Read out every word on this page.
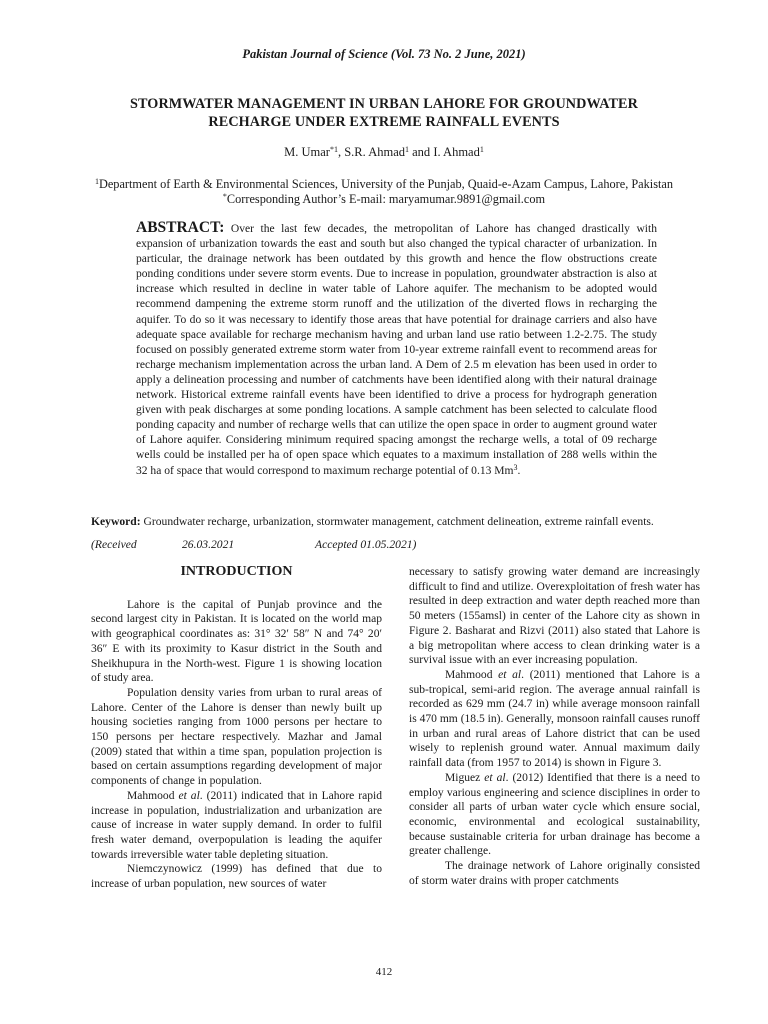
Pakistan Journal of Science (Vol. 73 No. 2 June, 2021)
STORMWATER MANAGEMENT IN URBAN LAHORE FOR GROUNDWATER RECHARGE UNDER EXTREME RAINFALL EVENTS
M. Umar$^{*1}$, S.R. Ahmad$^1$ and I. Ahmad$^1$
$^1$Department of Earth & Environmental Sciences, University of the Punjab, Quaid-e-Azam Campus, Lahore, Pakistan
*Corresponding Author’s E-mail: maryamumar.9891@gmail.com
ABSTRACT: Over the last few decades, the metropolitan of Lahore has changed drastically with expansion of urbanization towards the east and south but also changed the typical character of urbanization. In particular, the drainage network has been outdated by this growth and hence the flow obstructions create ponding conditions under severe storm events. Due to increase in population, groundwater abstraction is also at increase which resulted in decline in water table of Lahore aquifer. The mechanism to be adopted would recommend dampening the extreme storm runoff and the utilization of the diverted flows in recharging the aquifer. To do so it was necessary to identify those areas that have potential for drainage carriers and also have adequate space available for recharge mechanism having and urban land use ratio between 1.2-2.75. The study focused on possibly generated extreme storm water from 10-year extreme rainfall event to recommend areas for recharge mechanism implementation across the urban land. A Dem of 2.5 m elevation has been used in order to apply a delineation processing and number of catchments have been identified along with their natural drainage network. Historical extreme rainfall events have been identified to drive a process for hydrograph generation given with peak discharges at some ponding locations. A sample catchment has been selected to calculate flood ponding capacity and number of recharge wells that can utilize the open space in order to augment ground water of Lahore aquifer. Considering minimum required spacing amongst the recharge wells, a total of 09 recharge wells could be installed per ha of open space which equates to a maximum installation of 288 wells within the 32 ha of space that would correspond to maximum recharge potential of 0.13 Mm$^3$.
Keyword: Groundwater recharge, urbanization, stormwater management, catchment delineation, extreme rainfall events.
(Received	26.03.2021	Accepted 01.05.2021)
INTRODUCTION

Lahore is the capital of Punjab province and the second largest city in Pakistan. It is located on the world map with geographical coordinates as: 31° 32′ 58″ N and 74° 20′ 36″ E with its proximity to Kasur district in the South and Sheikhupura in the North-west. Figure 1 is showing location of study area.

Population density varies from urban to rural areas of Lahore. Center of the Lahore is denser than newly built up housing societies ranging from 1000 persons per hectare to 150 persons per hectare respectively. Mazhar and Jamal (2009) stated that within a time span, population projection is based on certain assumptions regarding development of major components of change in population.

Mahmood et al. (2011) indicated that in Lahore rapid increase in population, industrialization and urbanization are cause of increase in water supply demand. In order to fulfil fresh water demand, overpopulation is leading the aquifer towards irreversible water table depleting situation.

Niemczynowicz (1999) has defined that due to increase of urban population, new sources of water

necessary to satisfy growing water demand are increasingly difficult to find and utilize. Overexploitation of fresh water has resulted in deep extraction and water depth reached more than 50 meters (155amsl) in center of the Lahore city as shown in Figure 2. Basharat and Rizvi (2011) also stated that Lahore is a big metropolitan where access to clean drinking water is a survival issue with an ever increasing population.

Mahmood et al. (2011) mentioned that Lahore is a sub-tropical, semi-arid region. The average annual rainfall is recorded as 629 mm (24.7 in) while average monsoon rainfall is 470 mm (18.5 in). Generally, monsoon rainfall causes runoff in urban and rural areas of Lahore district that can be used wisely to replenish ground water. Annual maximum daily rainfall data (from 1957 to 2014) is shown in Figure 3.

Miguez et al. (2012) Identified that there is a need to employ various engineering and science disciplines in order to consider all parts of urban water cycle which ensure social, economic, environmental and ecological sustainability, because sustainable criteria for urban drainage has become a greater challenge.

The drainage network of Lahore originally consisted of storm water drains with proper catchments

412
